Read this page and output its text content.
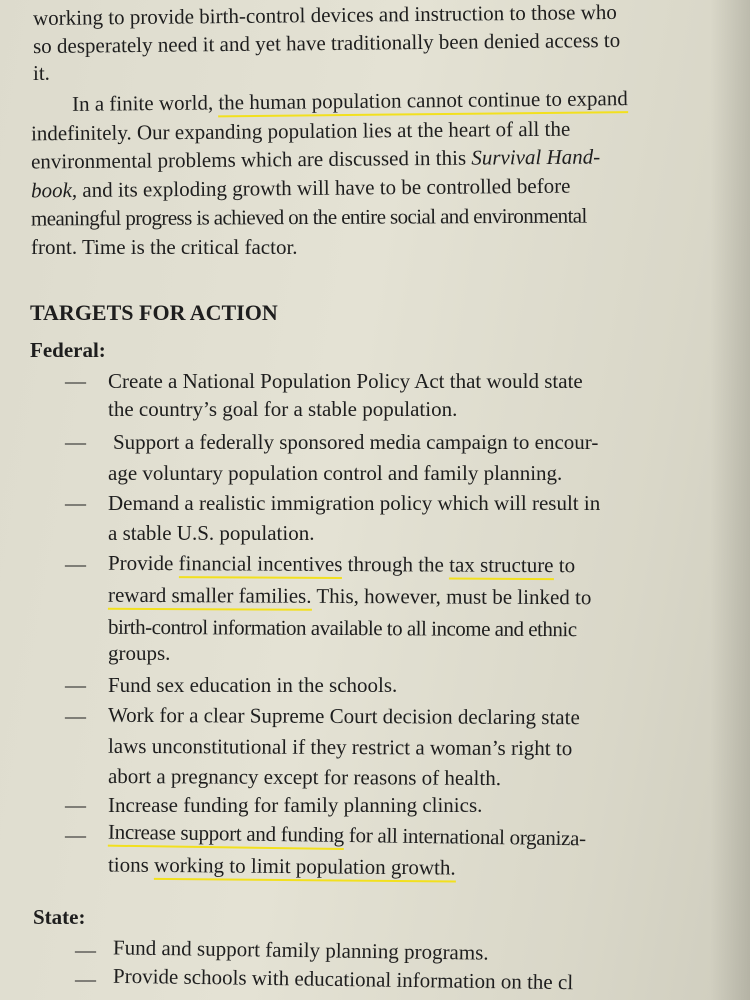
working to provide birth-control devices and instruction to those who
so desperately need it and yet have traditionally been denied access to
it.
In a finite world, the human population cannot continue to expand
indefinitely. Our expanding population lies at the heart of all the
environmental problems which are discussed in this Survival Hand-
book, and its exploding growth will have to be controlled before
meaningful progress is achieved on the entire social and environmental
front. Time is the critical factor.
TARGETS FOR ACTION
Federal:
— Create a National Population Policy Act that would state
the country’s goal for a stable population.
— Support a federally sponsored media campaign to encour-
age voluntary population control and family planning.
— Demand a realistic immigration policy which will result in
a stable U.S. population.
— Provide financial incentives through the tax structure to
reward smaller families. This, however, must be linked to
birth-control information available to all income and ethnic
groups.
— Fund sex education in the schools.
— Work for a clear Supreme Court decision declaring state
laws unconstitutional if they restrict a woman’s right to
abort a pregnancy except for reasons of health.
— Increase funding for family planning clinics.
— Increase support and funding for all international organiza-
tions working to limit population growth.
State:
— Fund and support family planning programs.
— Provide schools with educational information on the cl
